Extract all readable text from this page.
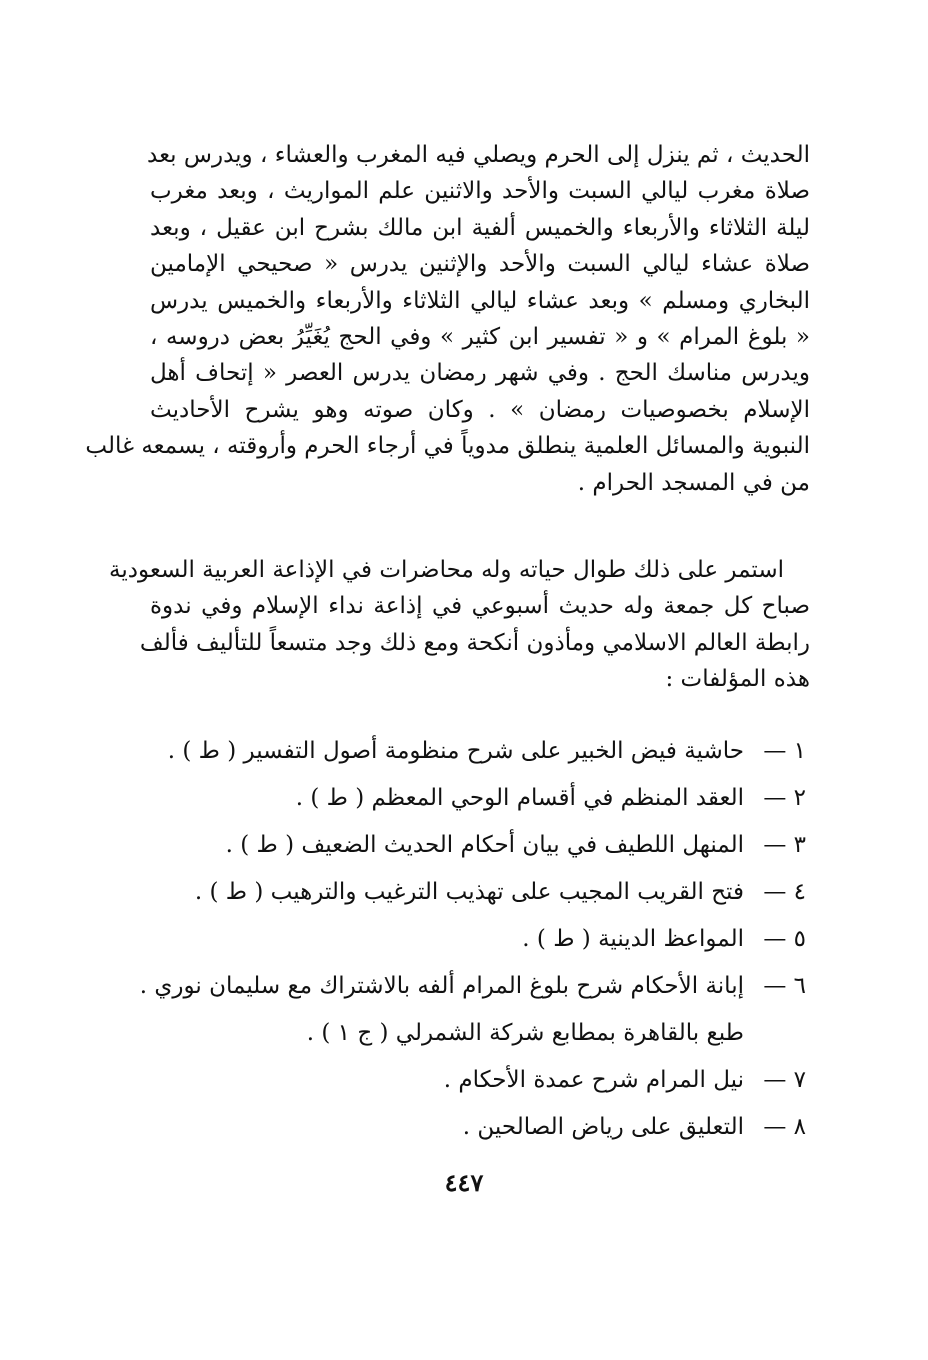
الحديث ، ثم ينزل إلى الحرم ويصلي فيه المغرب والعشاء ، ويدرس بعد
صلاة مغرب ليالي السبت والأحد والاثنين علم المواريث ، وبعد مغرب
ليلة الثلاثاء والأربعاء والخميس ألفية ابن مالك بشرح ابن عقيل ، وبعد
صلاة عشاء ليالي السبت والأحد والإثنين يدرس « صحيحي الإمامين
البخاري ومسلم » وبعد عشاء ليالي الثلاثاء والأربعاء والخميس يدرس
« بلوغ المرام » و « تفسير ابن كثير » وفي الحج يُغَيِّرُ بعض دروسه ،
ويدرس مناسك الحج . وفي شهر رمضان يدرس العصر « إتحاف أهل
الإسلام بخصوصيات رمضان » . وكان صوته وهو يشرح الأحاديث
النبوية والمسائل العلمية ينطلق مدوياً في أرجاء الحرم وأروقته ، يسمعه غالب
من في المسجد الحرام .
استمر على ذلك طوال حياته وله محاضرات في الإذاعة العربية السعودية
صباح كل جمعة وله حديث أسبوعي في إذاعة نداء الإسلام وفي ندوة
رابطة العالم الاسلامي ومأذون أنكحة ومع ذلك وجد متسعاً للتأليف فألف
هذه المؤلفات :
١ —حاشية فيض الخبير على شرح منظومة أصول التفسير ( ط ) .
٢ —العقد المنظم في أقسام الوحي المعظم ( ط ) .
٣ —المنهل اللطيف في بيان أحكام الحديث الضعيف ( ط ) .
٤ —فتح القريب المجيب على تهذيب الترغيب والترهيب ( ط ) .
٥ —المواعظ الدينية ( ط ) .
٦ —إبانة الأحكام شرح بلوغ المرام ألفه بالاشتراك مع سليمان نوري .
طبع بالقاهرة بمطابع شركة الشمرلي ( ج ١ ) .
٧ —نيل المرام شرح عمدة الأحكام .
٨ —التعليق على رياض الصالحين .
٤٤٧
